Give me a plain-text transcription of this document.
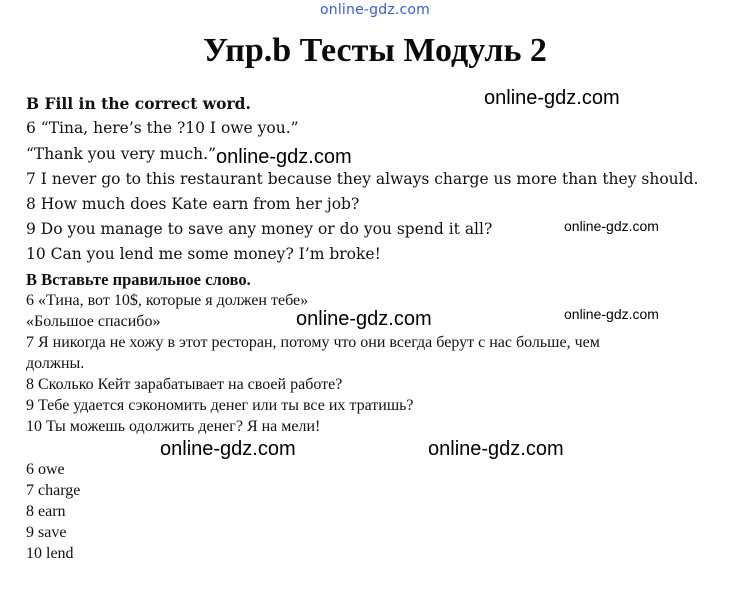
online-gdz.com
Упр.b Тесты Модуль 2
B Fill in the correct word.
6 “Tina, here’s the ?10 I owe you.”
“Thank you very much.”
7 I never go to this restaurant because they always charge us more than they should.
8 How much does Kate earn from her job?
9 Do you manage to save any money or do you spend it all?
10 Can you lend me some money? I’m broke!
B Вставьте правильное слово.
6 «Тина, вот 10$, которые я должен тебе»
«Большое спасибо»
7 Я никогда не хожу в этот ресторан, потому что они всегда берут с нас больше, чем
должны.
8 Сколько Кейт зарабатывает на своей работе?
9 Тебе удается сэкономить денег или ты все их тратишь?
10 Ты можешь одолжить денег? Я на мели!
6 owe
7 charge
8 earn
9 save
10 lend
online-gdz.com
online-gdz.com
online-gdz.com
online-gdz.com
online-gdz.com
online-gdz.com	online-gdz.com
